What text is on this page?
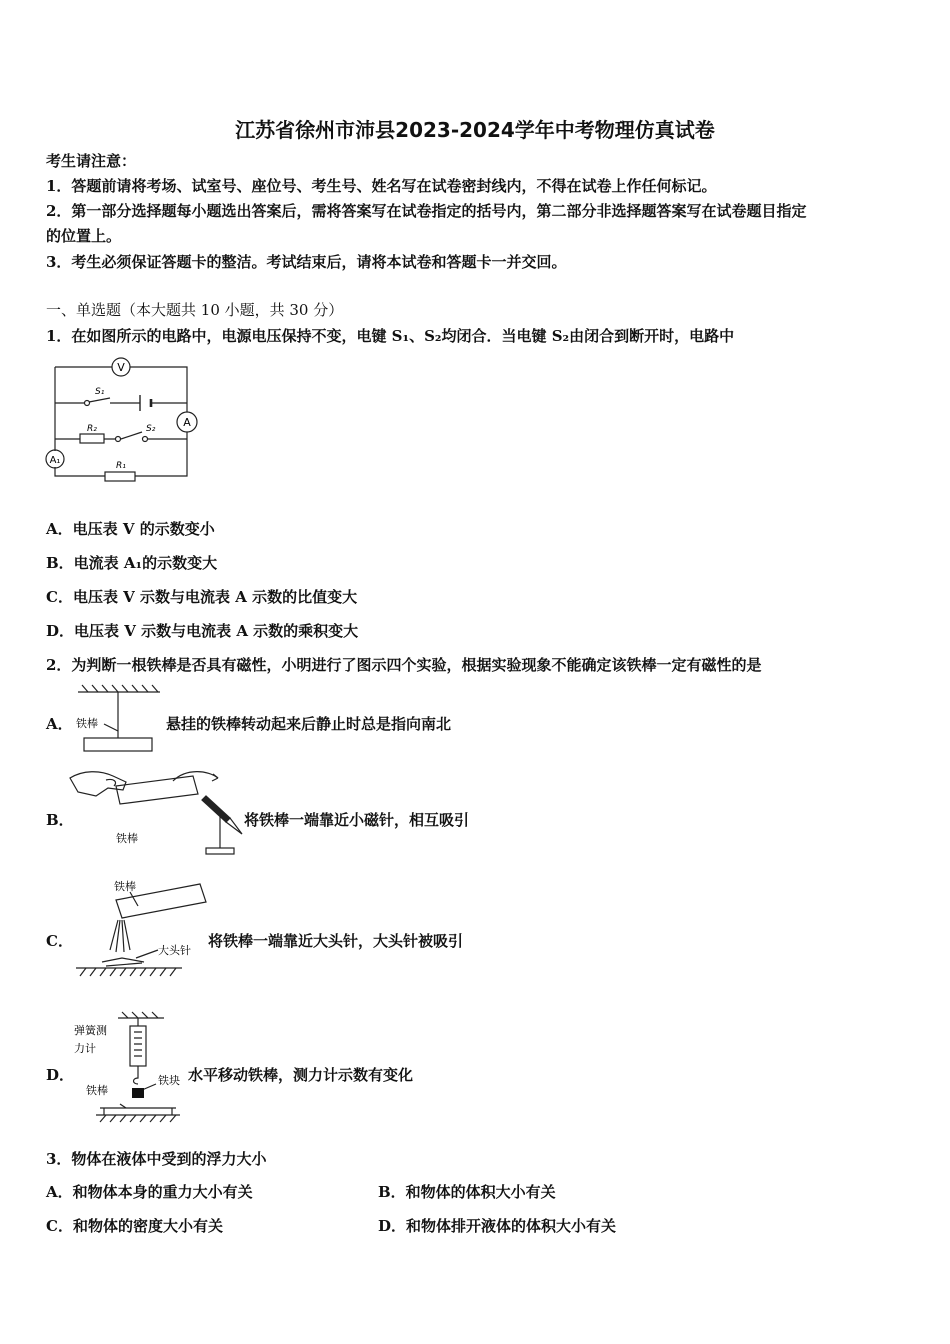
江苏省徐州市沛县2023-2024学年中考物理仿真试卷
考生请注意：
1．答题前请将考场、试室号、座位号、考生号、姓名写在试卷密封线内，不得在试卷上作任何标记。
2．第一部分选择题每小题选出答案后，需将答案写在试卷指定的括号内，第二部分非选择题答案写在试卷题目指定
的位置上。
3．考生必须保证答题卡的整洁。考试结束后，请将本试卷和答题卡一并交回。
一、单选题（本大题共 10 小题，共 30 分）
1．在如图所示的电路中，电源电压保持不变，电键 S₁、S₂均闭合．当电键 S₂由闭合到断开时，电路中
V
A
A₁
S₁
S₂
R₂
R₁
A．电压表 V 的示数变小
B．电流表 A₁的示数变大
C．电压表 V 示数与电流表 A 示数的比值变大
D．电压表 V 示数与电流表 A 示数的乘积变大
2．为判断一根铁棒是否具有磁性，小明进行了图示四个实验，根据实验现象不能确定该铁棒一定有磁性的是
A． 铁棒	悬挂的铁棒转动起来后静止时总是指向南北
B．
铁棒
将铁棒一端靠近小磁针，相互吸引
C．
铁棒
大头针
将铁棒一端靠近大头针，大头针被吸引
D．
弹簧测
力计
铁块
铁棒
水平移动铁棒，测力计示数有变化
3．物体在液体中受到的浮力大小
A．和物体本身的重力大小有关	B．和物体的体积大小有关
C．和物体的密度大小有关	D．和物体排开液体的体积大小有关
